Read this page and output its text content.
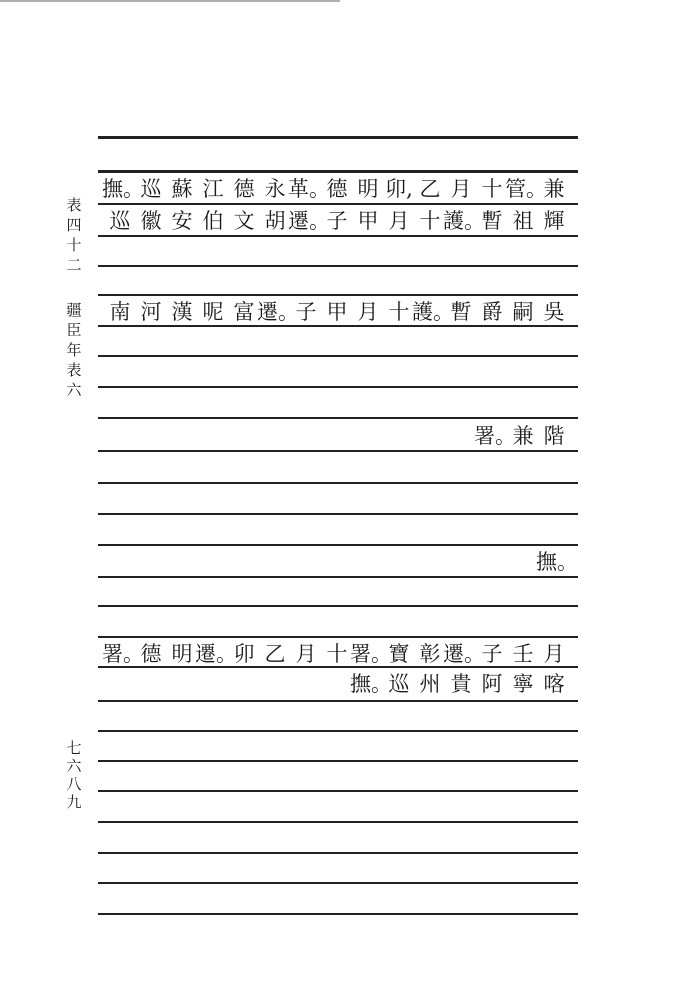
表
四
十
二
疆
臣
年
表
六
七
六
八
九
撫。
巡 蘇 江 德 永 革。
德 明 卯, 乙 月 十 管。
兼
巡 徽 安 伯 文 胡 遷。
子 甲 月 十 護。
暫 祖 輝
南 河 漢 呢 富 遷。
子 甲 月 十 護。
暫 爵 嗣 吳
署。
兼 階
撫。
署。
德 明 遷。
卯 乙 月 十 署。
寶 彰 遷。
子 壬 月
撫。
巡 州 貴 阿 寧 喀
